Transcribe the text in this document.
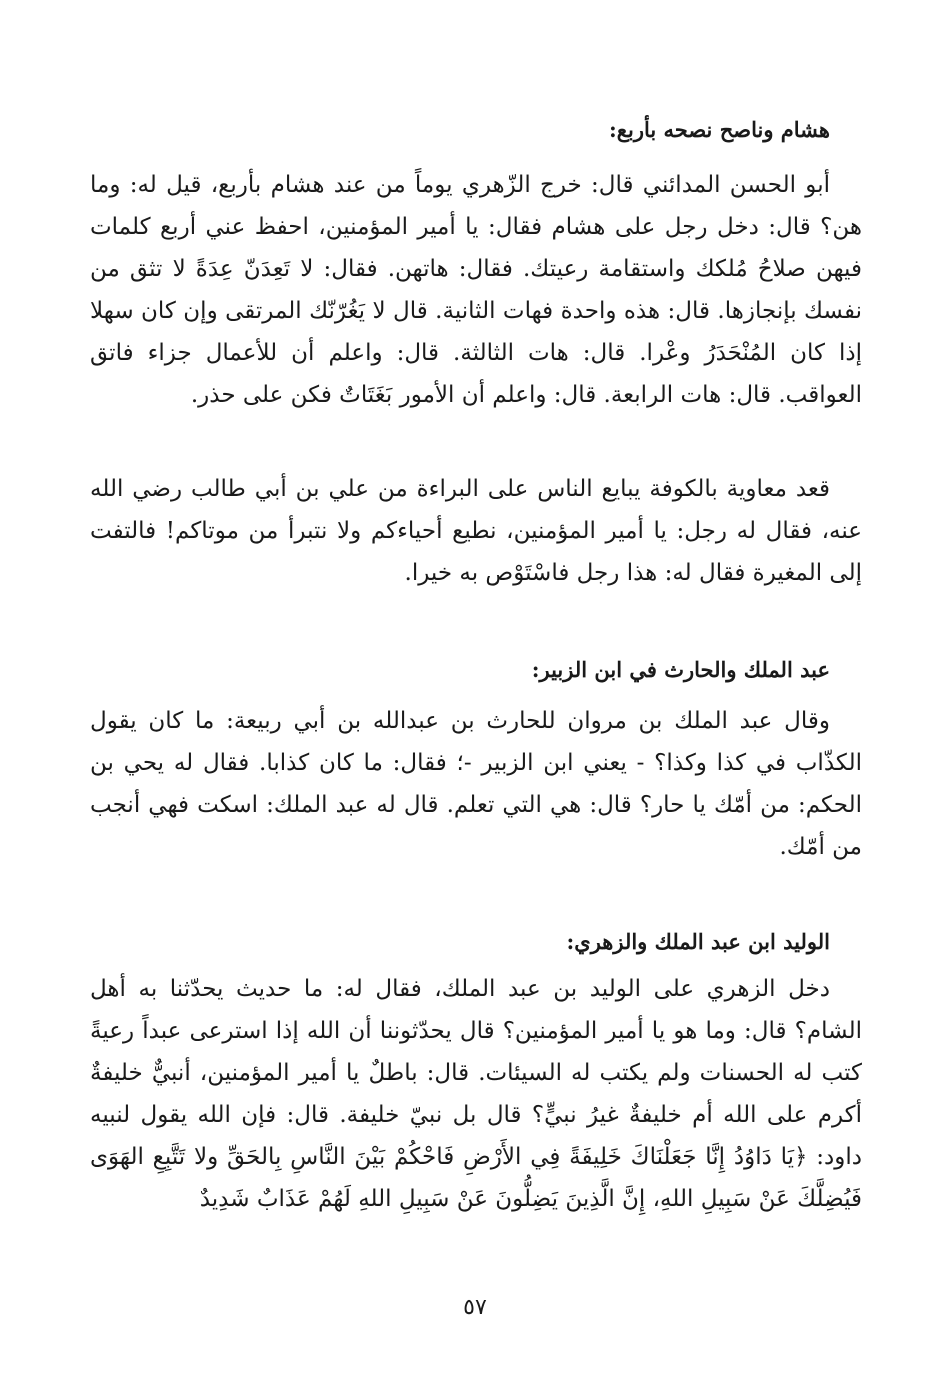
هشام وناصح نصحه بأربع:

أبو الحسن المدائني قال: خرج الزّهري يوماً من عند هشام بأربع، قيل له: وما هن؟ قال: دخل رجل على هشام فقال: يا أمير المؤمنين، احفظ عني أربع كلمات فيهن صلاحُ مُلكك واستقامة رعيتك. فقال: هاتهن. فقال: لا تَعِدَنّ عِدَةً لا تثق من نفسك بإنجازها. قال: هذه واحدة فهات الثانية. قال لا يَغُرّنّك المرتقى وإن كان سهلا إذا كان المُنْحَدَرُ وعْرا. قال: هات الثالثة. قال: واعلم أن للأعمال جزاء فاتق العواقب. قال: هات الرابعة. قال: واعلم أن الأمور بَغَتَاتٌ فكن على حذر.

قعد معاوية بالكوفة يبايع الناس على البراءة من علي بن أبي طالب رضي الله عنه، فقال له رجل: يا أمير المؤمنين، نطيع أحياءكم ولا نتبرأ من موتاكم! فالتفت إلى المغيرة فقال له: هذا رجل فاسْتَوْص به خيرا.

عبد الملك والحارث في ابن الزبير:

وقال عبد الملك بن مروان للحارث بن عبدالله بن أبي ربيعة: ما كان يقول الكذّاب في كذا وكذا؟ - يعني ابن الزبير -؛ فقال: ما كان كذابا. فقال له يحي بن الحكم: من أمّك يا حار؟ قال: هي التي تعلم. قال له عبد الملك: اسكت فهي أنجب من أمّك.

الوليد ابن عبد الملك والزهري:

دخل الزهري على الوليد بن عبد الملك، فقال له: ما حديث يحدّثنا به أهل الشام؟ قال: وما هو يا أمير المؤمنين؟ قال يحدّثوننا أن الله إذا استرعى عبداً رعيةً كتب له الحسنات ولم يكتب له السيئات. قال: باطلٌ يا أمير المؤمنين، أنبيٌّ خليفةٌ أكرم على الله أم خليفةٌ غيرُ نبيٍّ؟ قال بل نبيّ خليفة. قال: فإن الله يقول لنبيه داود: ﴿يَا دَاوُدُ إِنَّا جَعَلْنَاكَ خَلِيفَةً فِي الأَرْضِ فَاحْكُمْ بَيْنَ النَّاسِ بِالحَقِّ ولا تَتَّبِعِ الهَوَى فَيُضِلَّكَ عَنْ سَبِيلِ اللهِ، إِنَّ الَّذِينَ يَضِلُّونَ عَنْ سَبِيلِ اللهِ لَهُمْ عَذَابٌ شَدِيدٌ

٥٧
